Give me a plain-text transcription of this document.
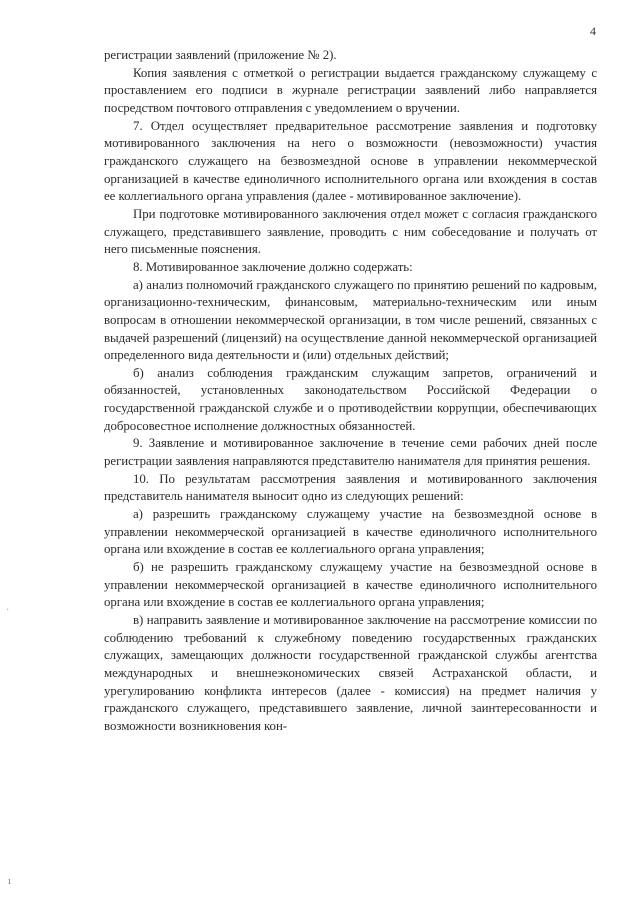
4

регистрации заявлений (приложение № 2).

Копия заявления с отметкой о регистрации выдается гражданскому служащему с проставлением его подписи в журнале регистрации заявлений либо направляется посредством почтового отправления с уведомлением о вручении.

7. Отдел осуществляет предварительное рассмотрение заявления и подготовку мотивированного заключения на него о возможности (невозможности) участия гражданского служащего на безвозмездной основе в управлении некоммерческой организацией в качестве единоличного исполнительного органа или вхождения в состав ее коллегиального органа управления (далее - мотивированное заключение).

При подготовке мотивированного заключения отдел может с согласия гражданского служащего, представившего заявление, проводить с ним собеседование и получать от него письменные пояснения.

8. Мотивированное заключение должно содержать:

а) анализ полномочий гражданского служащего по принятию решений по кадровым, организационно-техническим, финансовым, материально-техническим или иным вопросам в отношении некоммерческой организации, в том числе решений, связанных с выдачей разрешений (лицензий) на осуществление данной некоммерческой организацией определенного вида деятельности и (или) отдельных действий;

б) анализ соблюдения гражданским служащим запретов, ограничений и обязанностей, установленных законодательством Российской Федерации о государственной гражданской службе и о противодействии коррупции, обеспечивающих добросовестное исполнение должностных обязанностей.

9. Заявление и мотивированное заключение в течение семи рабочих дней после регистрации заявления направляются представителю нанимателя для принятия решения.

10. По результатам рассмотрения заявления и мотивированного заключения представитель нанимателя выносит одно из следующих решений:

а) разрешить гражданскому служащему участие на безвозмездной основе в управлении некоммерческой организацией в качестве единоличного исполнительного органа или вхождение в состав ее коллегиального органа управления;

б) не разрешить гражданскому служащему участие на безвозмездной основе в управлении некоммерческой организацией в качестве единоличного исполнительного органа или вхождение в состав ее коллегиального органа управления;

в) направить заявление и мотивированное заключение на рассмотрение комиссии по соблюдению требований к служебному поведению государственных гражданских служащих, замещающих должности государственной гражданской службы агентства международных и внешнеэкономических связей Астраханской области, и урегулированию конфликта интересов (далее - комиссия) на предмет наличия у гражданского служащего, представившего заявление, личной заинтересованности и возможности возникновения кон-

ʿ
ı
